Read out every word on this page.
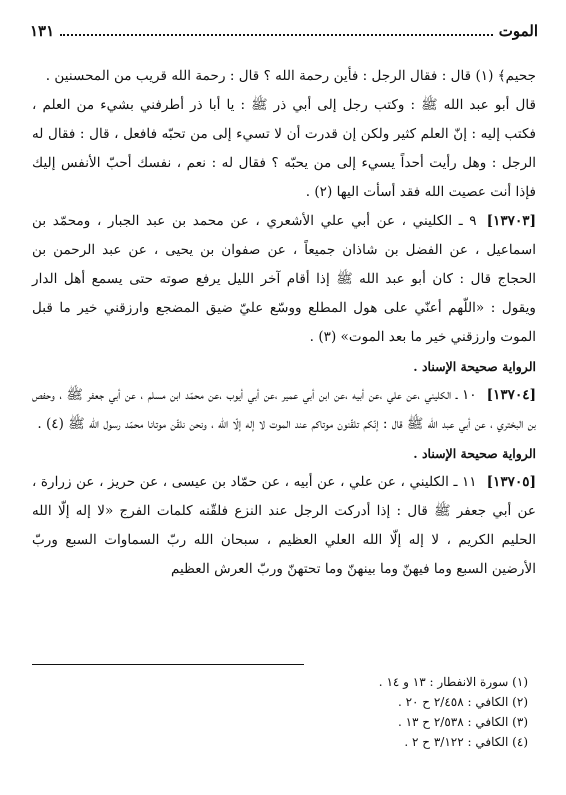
الموت
١٣١

جحيم﴾ (١) قال : فقال الرجل : فأين رحمة الله ؟ قال : رحمة الله قريب من المحسنين .

قال أبو عبد الله ﷺ : وكتب رجل إلى أبي ذر ﷺ : يا أبا ذر أطرفني بشيء من العلم ، فكتب إليه : إنّ العلم كثير ولكن إن قدرت أن لا تسيء إلى من تحبّه فافعل ، قال : فقال له الرجل : وهل رأيت أحداً يسيء إلى من يحبّه ؟ فقال له : نعم ، نفسك أحبّ الأنفس إليك فإذا أنت عصيت الله فقد أسأت اليها (٢) .

[١٣٧٠٣]
٩ ـ الكليني ، عن أبي علي الأشعري ، عن محمد بن عبد الجبار ، ومحمّد بن اسماعيل ، عن الفضل بن شاذان جميعاً ، عن صفوان بن يحيى ، عن عبد الرحمن بن الحجاج قال : كان أبو عبد الله ﷺ إذا أقام آخر الليل يرفع صوته حتى يسمع أهل الدار ويقول : «اللّهم أعنّي على هول المطلع ووسّع عليّ ضيق المضجع وارزقني خير ما قبل الموت وارزقني خير ما بعد الموت» (٣) .

الرواية صحيحة الإسناد .

[١٣٧٠٤]
١٠ ـ الكليني ،عن علي ،عن أبيه ،عن ابن أبي عمير ،عن أبي أيوب ،عن محمّد ابن مسلم ، عن أبي جعفر ﷺ ، وحفص بن البختري ، عن أبي عبد الله ﷺ قال : إنّكم تلقّنون موتاكم عند الموت لا إله إلّا الله ، ونحن نلقّن موتانا محمّد رسول الله ﷺ (٤) .

الرواية صحيحة الإسناد .

[١٣٧٠٥]
١١ ـ الكليني ، عن علي ، عن أبيه ، عن حمّاد بن عيسى ، عن حريز ، عن زرارة ، عن أبي جعفر ﷺ قال : إذا أدركت الرجل عند النزع فلقّنه كلمات الفرج «لا إله إلّا الله الحليم الكريم ، لا إله إلّا الله العلي العظيم ، سبحان الله ربّ السماوات السبع وربّ الأرضين السبع وما فيهنّ وما بينهنّ وما تحتهنّ وربّ العرش العظيم

(١) سورة الانفطار : ١٣ و ١٤ .
(٢) الكافي : ٢/٤٥٨ ح ٢٠ .
(٣) الكافي : ٢/٥٣٨ ح ١٣ .
(٤) الكافي : ٣/١٢٢ ح ٢ .
